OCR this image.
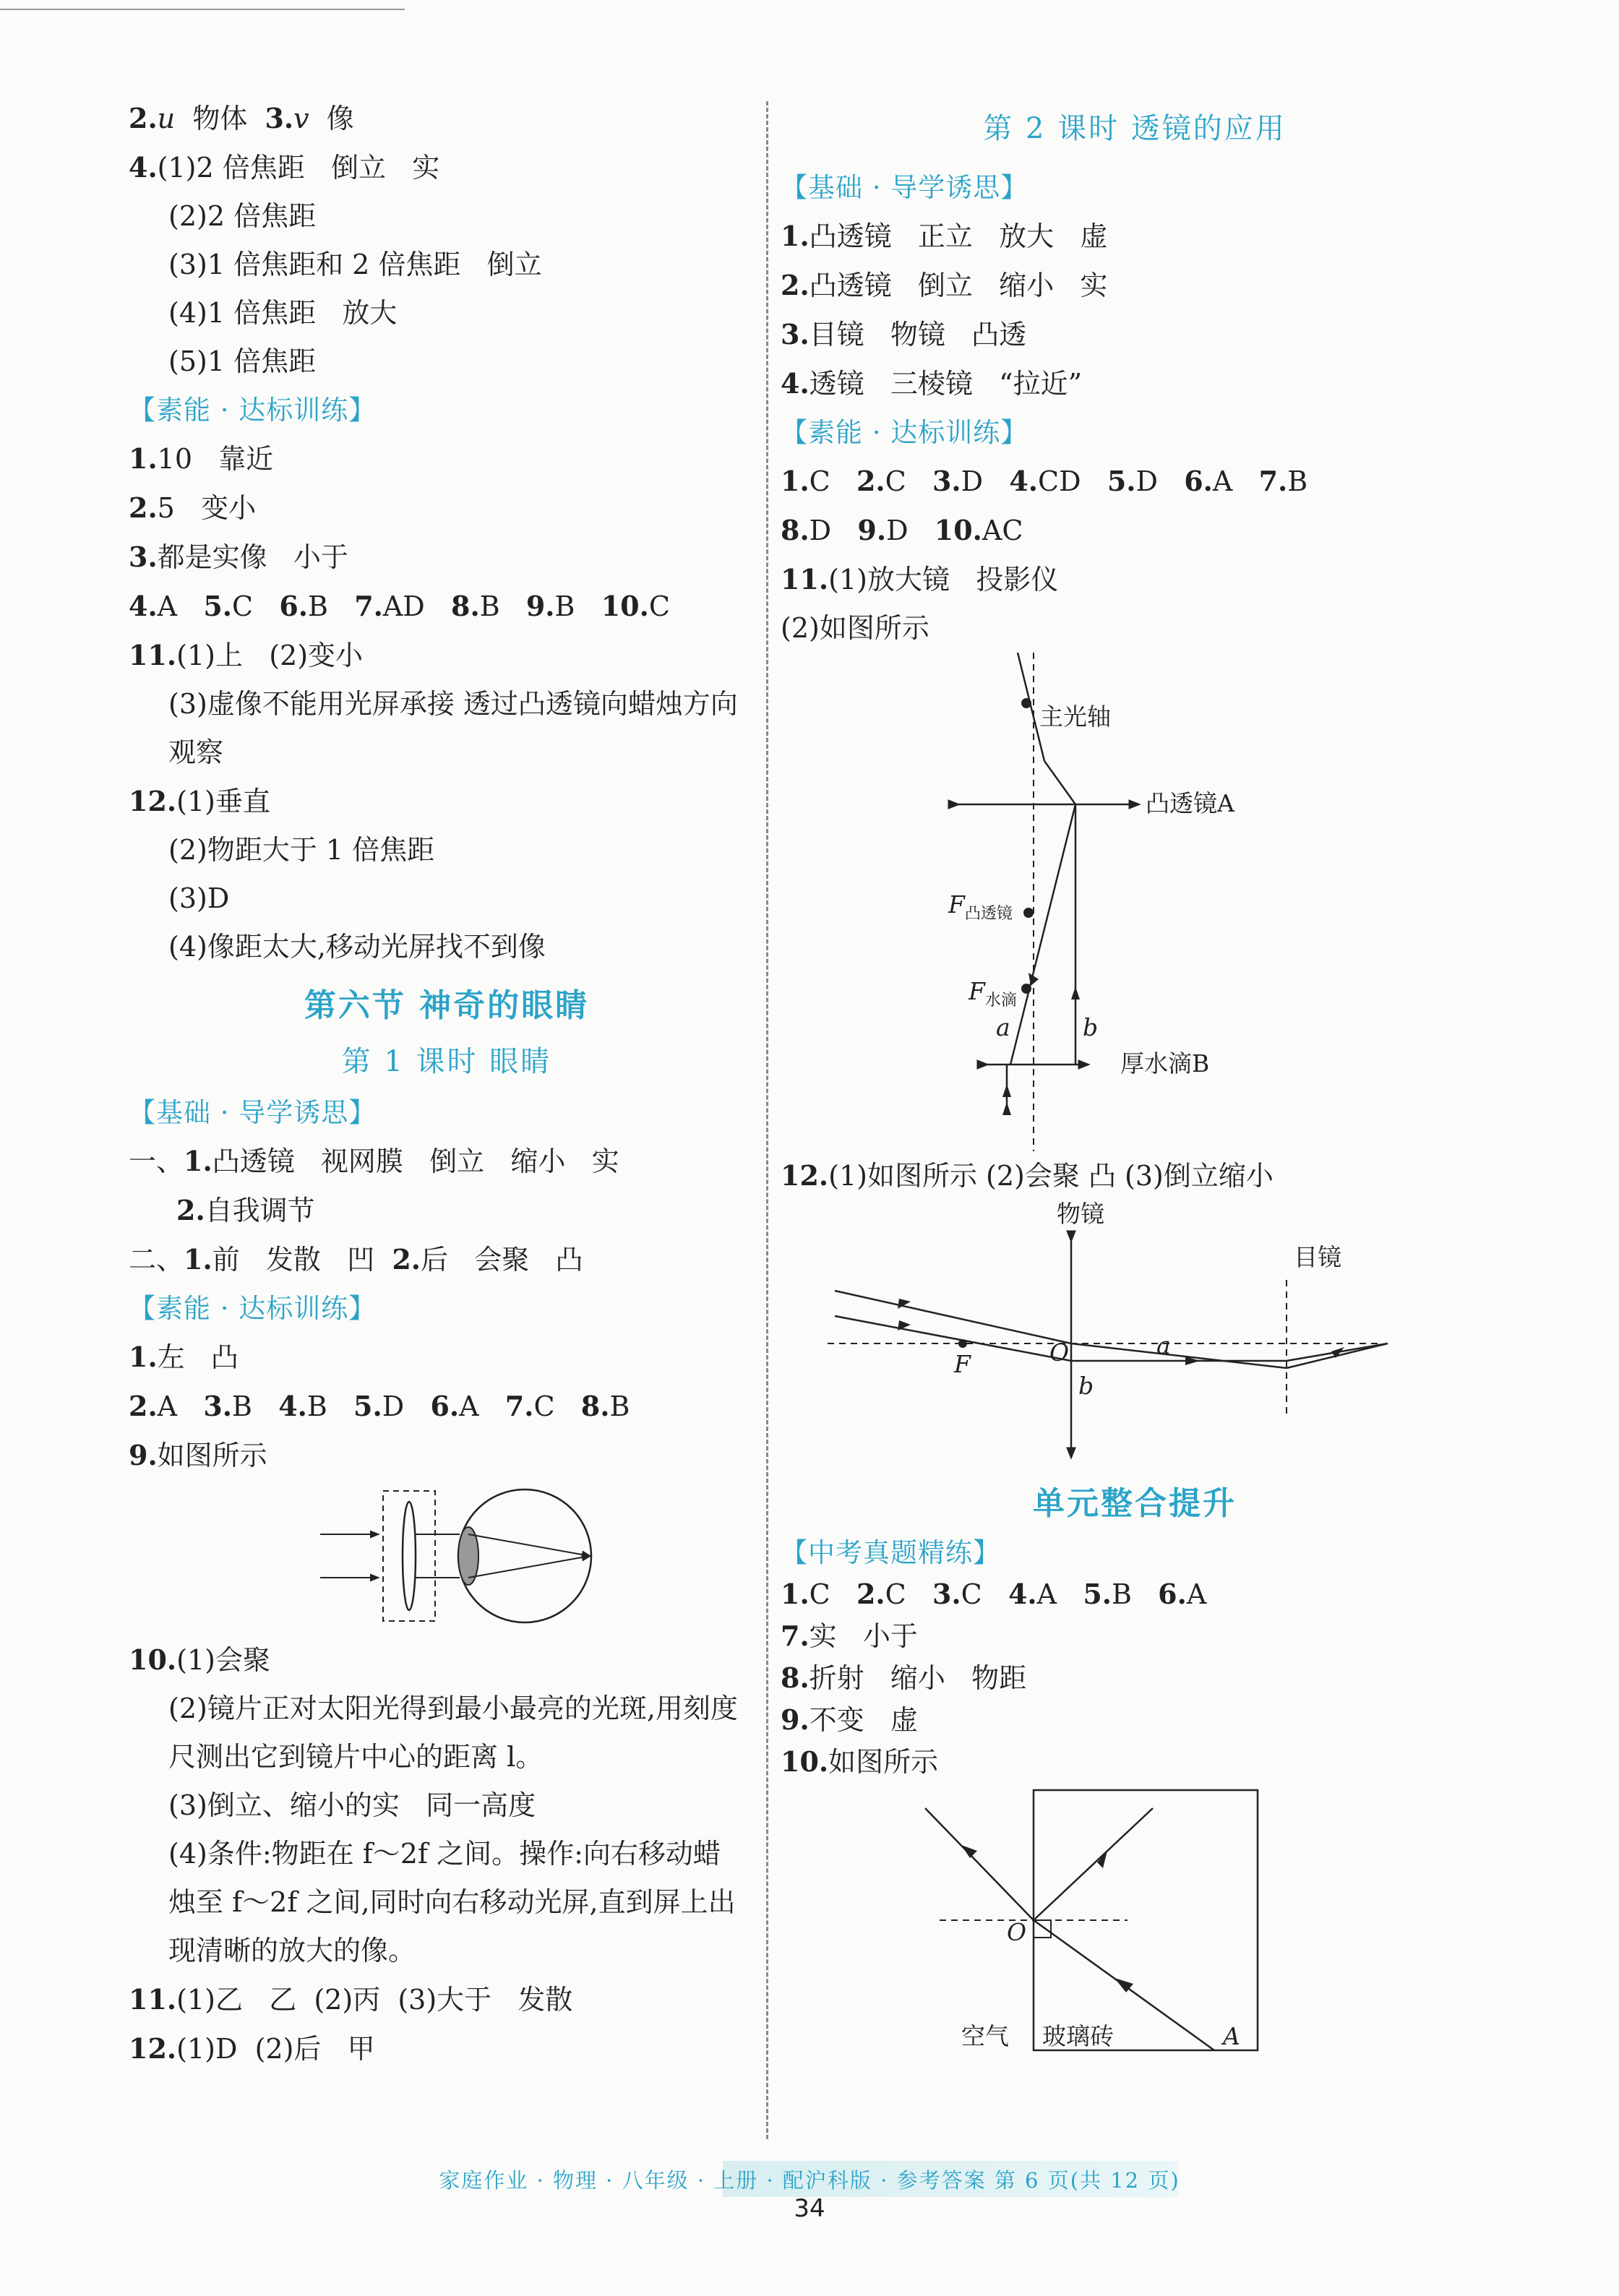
2.u  物体  3.v  像
4.(1)2 倍焦距   倒立   实
(2)2 倍焦距
(3)1 倍焦距和 2 倍焦距   倒立
(4)1 倍焦距   放大
(5)1 倍焦距
【素能 · 达标训练】
1.10   靠近
2.5   变小
3.都是实像   小于
4.A   5.C   6.B   7.AD   8.B   9.B   10.C
11.(1)上   (2)变小
(3)虚像不能用光屏承接 透过凸透镜向蜡烛方向观察
12.(1)垂直
(2)物距大于 1 倍焦距
(3)D
(4)像距太大,移动光屏找不到像
第六节 神奇的眼睛
第 1 课时 眼睛
【基础 · 导学诱思】
一、1.凸透镜   视网膜   倒立   缩小   实
2.自我调节
二、1.前   发散   凹  2.后   会聚   凸
【素能 · 达标训练】
1.左   凸
2.A   3.B   4.B   5.D   6.A   7.C   8.B
9.如图所示
10.(1)会聚
(2)镜片正对太阳光得到最小最亮的光斑,用刻度尺测出它到镜片中心的距离 l。
(3)倒立、缩小的实   同一高度
(4)条件:物距在 f～2f 之间。操作:向右移动蜡烛至 f～2f 之间,同时向右移动光屏,直到屏上出现清晰的放大的像。
11.(1)乙   乙  (2)丙  (3)大于   发散
12.(1)D  (2)后   甲
第 2 课时 透镜的应用
【基础 · 导学诱思】
1.凸透镜   正立   放大   虚
2.凸透镜   倒立   缩小   实
3.目镜   物镜   凸透
4.透镜   三棱镜   “拉近”
【素能 · 达标训练】
1.C   2.C   3.D   4.CD   5.D   6.A   7.B
8.D   9.D   10.AC
11.(1)放大镜   投影仪
(2)如图所示
主光轴
凸透镜A
$F_{凸透镜}$
$F_{水滴}$
a	b
厚水滴B
12.(1)如图所示 (2)会聚 凸 (3)倒立缩小
物镜
目镜
F	O	a
b
单元整合提升
【中考真题精练】
1.C   2.C   3.C   4.A   5.B   6.A
7.实   小于
8.折射   缩小   物距
9.不变   虚
10.如图所示
O
空气 玻璃砖	A
家庭作业 · 物理 · 八年级 · 上册 · 配沪科版 · 参考答案 第 6 页(共 12 页)
34
